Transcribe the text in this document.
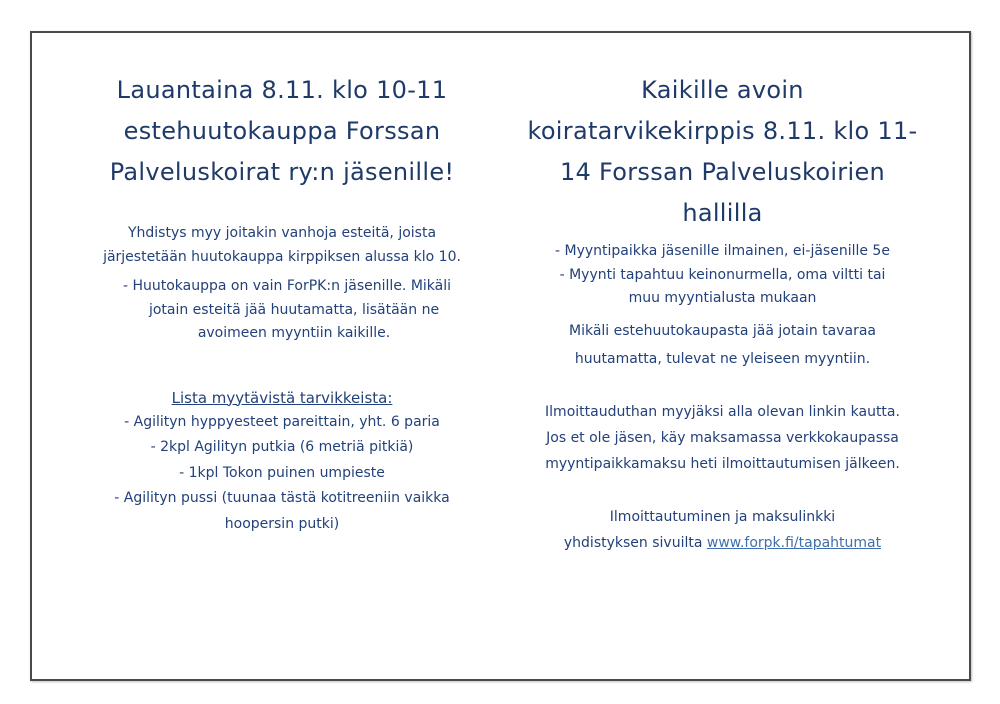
Lauantaina 8.11. klo 10-11

estehuutokauppa Forssan

Palveluskoirat ry:n jäsenille!

Yhdistys myy joitakin vanhoja esteitä, joista

järjestetään huutokauppa kirppiksen alussa klo 10.

- Huutokauppa on vain ForPK:n jäsenille. Mikäli
jotain esteitä jää huutamatta, lisätään ne
avoimeen myyntiin kaikille.

Lista myytävistä tarvikkeista:

- Agilityn hyppyesteet pareittain, yht. 6 paria
- 2kpl Agilityn putkia (6 metriä pitkiä)
- 1kpl Tokon puinen umpieste
- Agilityn pussi (tuunaa tästä kotitreeniin vaikka
hoopersin putki)

Kaikille avoin

koiratarvikekirppis 8.11. klo 11-

14 Forssan Palveluskoirien

hallilla

- Myyntipaikka jäsenille ilmainen, ei-jäsenille 5e
- Myynti tapahtuu keinonurmella, oma viltti tai
muu myyntialusta mukaan

Mikäli estehuutokaupasta jää jotain tavaraa

huutamatta, tulevat ne yleiseen myyntiin.

Ilmoittauduthan myyjäksi alla olevan linkin kautta.

Jos et ole jäsen, käy maksamassa verkkokaupassa

myyntipaikkamaksu heti ilmoittautumisen jälkeen.

Ilmoittautuminen ja maksulinkki

yhdistyksen sivuilta www.forpk.fi/tapahtumat
